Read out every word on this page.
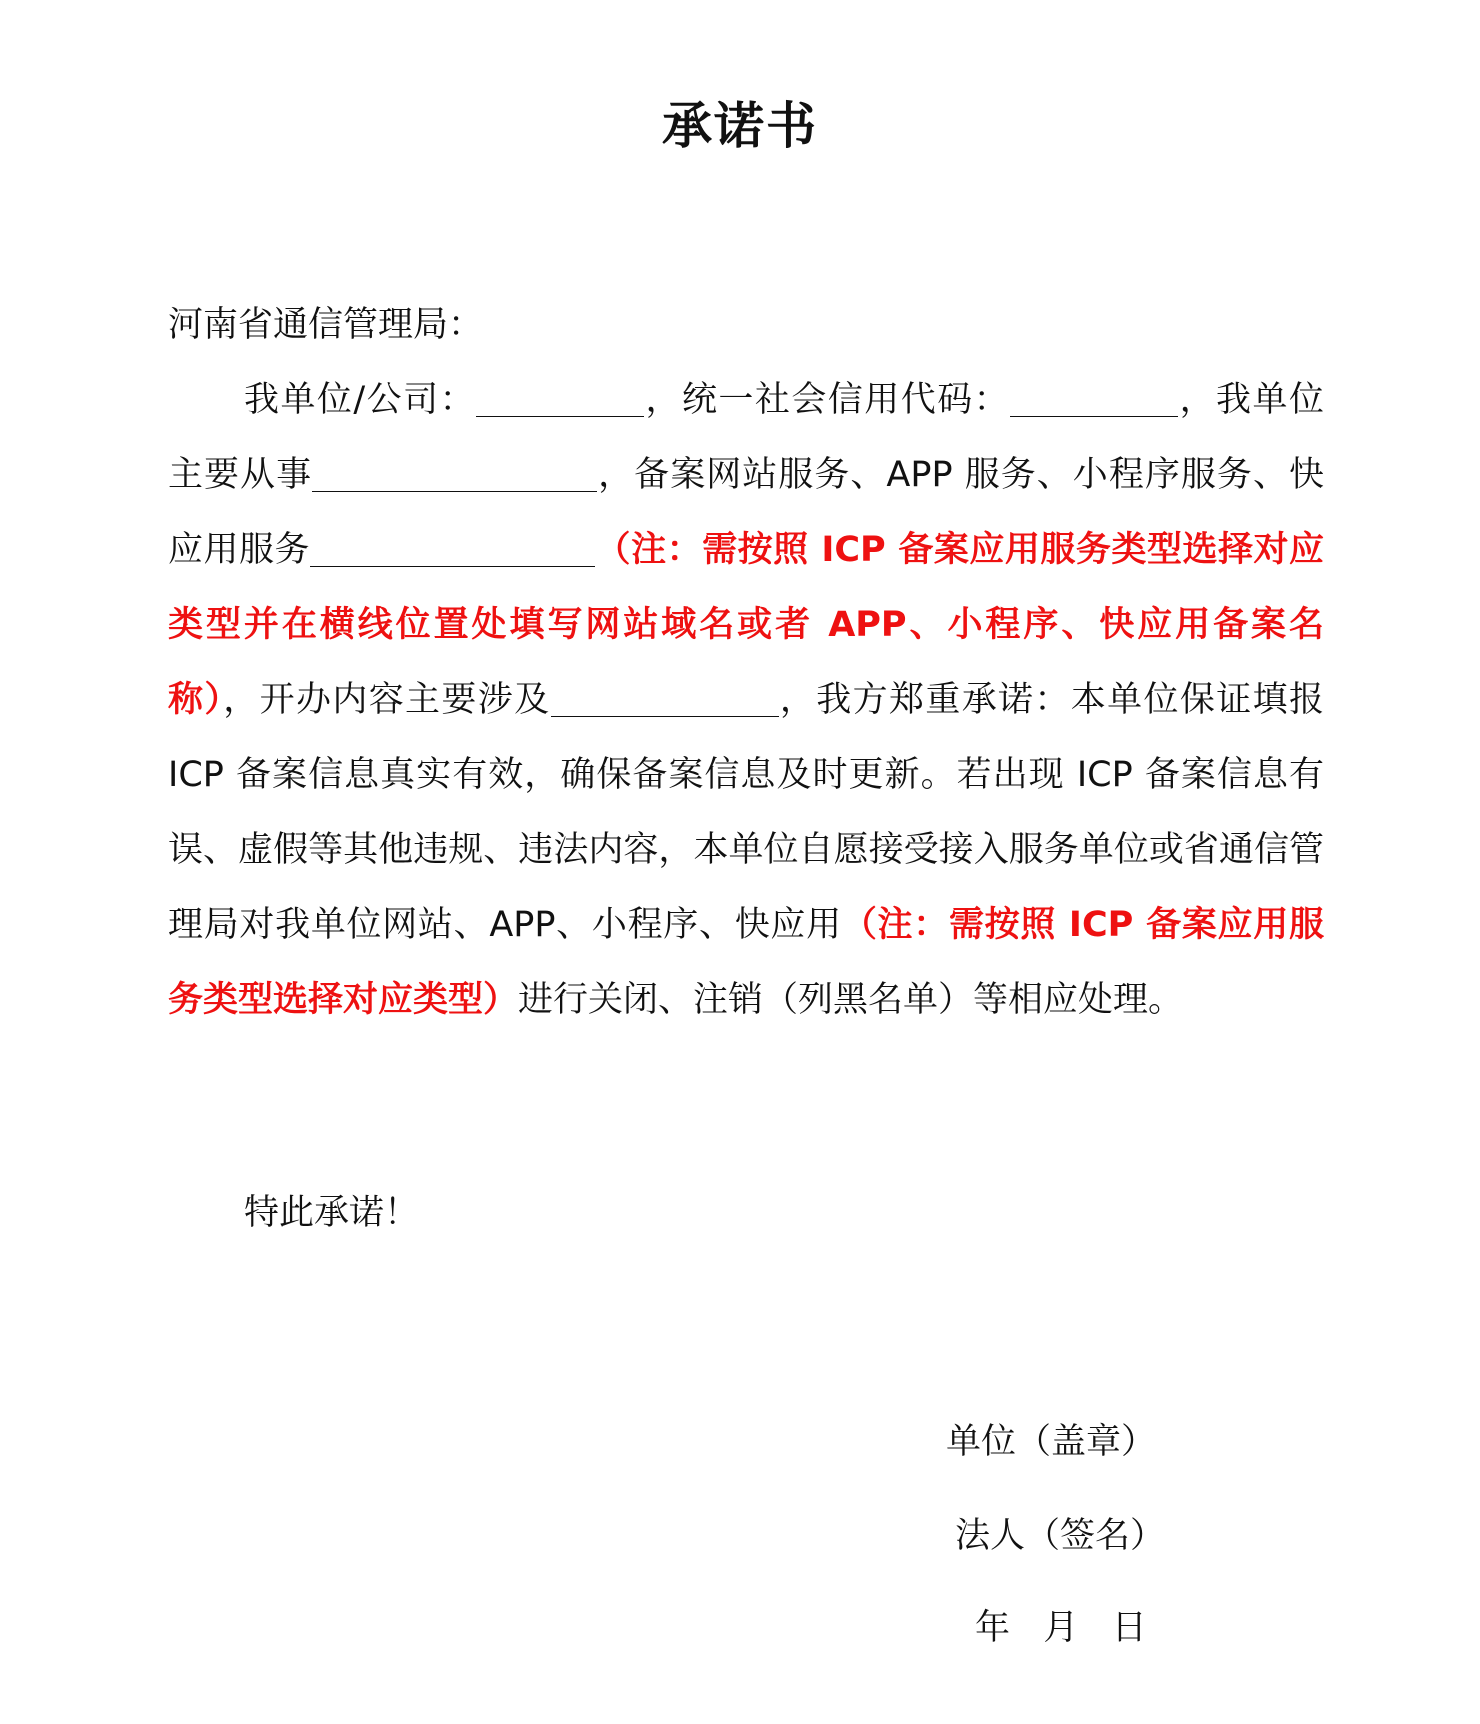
承诺书

河南省通信管理局：

我单位/公司：	，统一社会信用代码：	，我单位主要从事	，备案网站服务、APP 服务、小程序服务、快应用服务	（注：需按照 ICP 备案应用服务类型选择对应类型并在横线位置处填写网站域名或者 APP、小程序、快应用备案名称），开办内容主要涉及	，我方郑重承诺：本单位保证填报 ICP 备案信息真实有效，确保备案信息及时更新。若出现 ICP 备案信息有误、虚假等其他违规、违法内容，本单位自愿接受接入服务单位或省通信管理局对我单位网站、APP、小程序、快应用（注：需按照 ICP 备案应用服务类型选择对应类型）进行关闭、注销（列黑名单）等相应处理。

特此承诺！
单位（盖章）
法人（签名）
年   月   日
